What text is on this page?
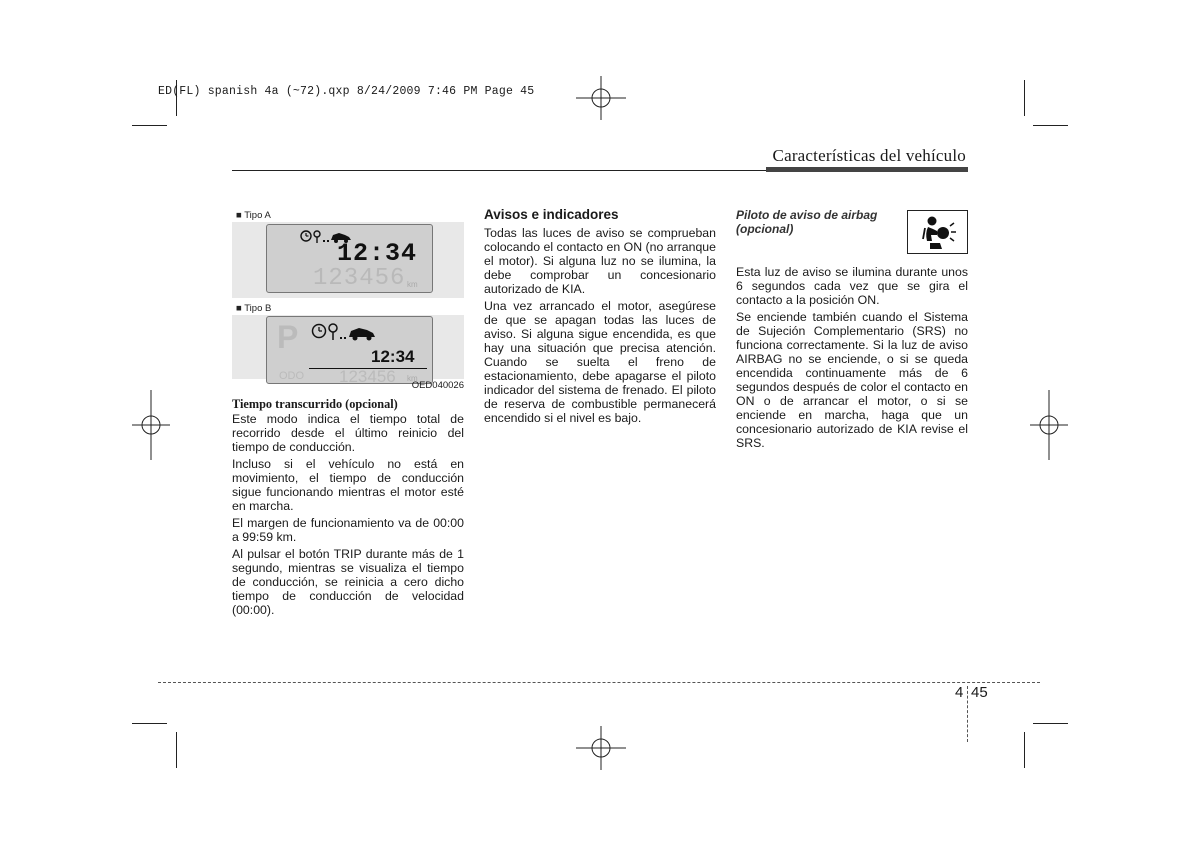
ED(FL) spanish 4a (~72).qxp 8/24/2009 7:46 PM Page 45
Características del vehículo
■ Tipo A
12:34
123456 km
■ Tipo B
P
12:34
ODO 123456 km
OED040026

Tiempo transcurrido (opcional)

Este modo indica el tiempo total de recorrido desde el último reinicio del tiempo de conducción.

Incluso si el vehículo no está en movimiento, el tiempo de conducción sigue funcionando mientras el motor esté en marcha.

El margen de funcionamiento va de 00:00 a 99:59 km.

Al pulsar el botón TRIP durante más de 1 segundo, mientras se visualiza el tiempo de conducción, se reinicia a cero dicho tiempo de conducción de velocidad (00:00).

Avisos e indicadores

Todas las luces de aviso se comprueban colocando el contacto en ON (no arranque el motor). Si alguna luz no se ilumina, la debe comprobar un concesionario autorizado de KIA.

Una vez arrancado el motor, asegúrese de que se apagan todas las luces de aviso. Si alguna sigue encendida, es que hay una situación que precisa atención. Cuando se suelta el freno de estacionamiento, debe apagarse el piloto indicador del sistema de frenado. El piloto de reserva de combustible permanecerá encendido si el nivel es bajo.

Piloto de aviso de airbag (opcional)

Esta luz de aviso se ilumina durante unos 6 segundos cada vez que se gira el contacto a la posición ON.

Se enciende también cuando el Sistema de Sujeción Complementario (SRS) no funciona correctamente. Si la luz de aviso AIRBAG no se enciende, o si se queda encendida continuamente más de 6 segundos después de color el contacto en ON o de arrancar el motor, o si se enciende en marcha, haga que un concesionario autorizado de KIA revise el SRS.

4 45
